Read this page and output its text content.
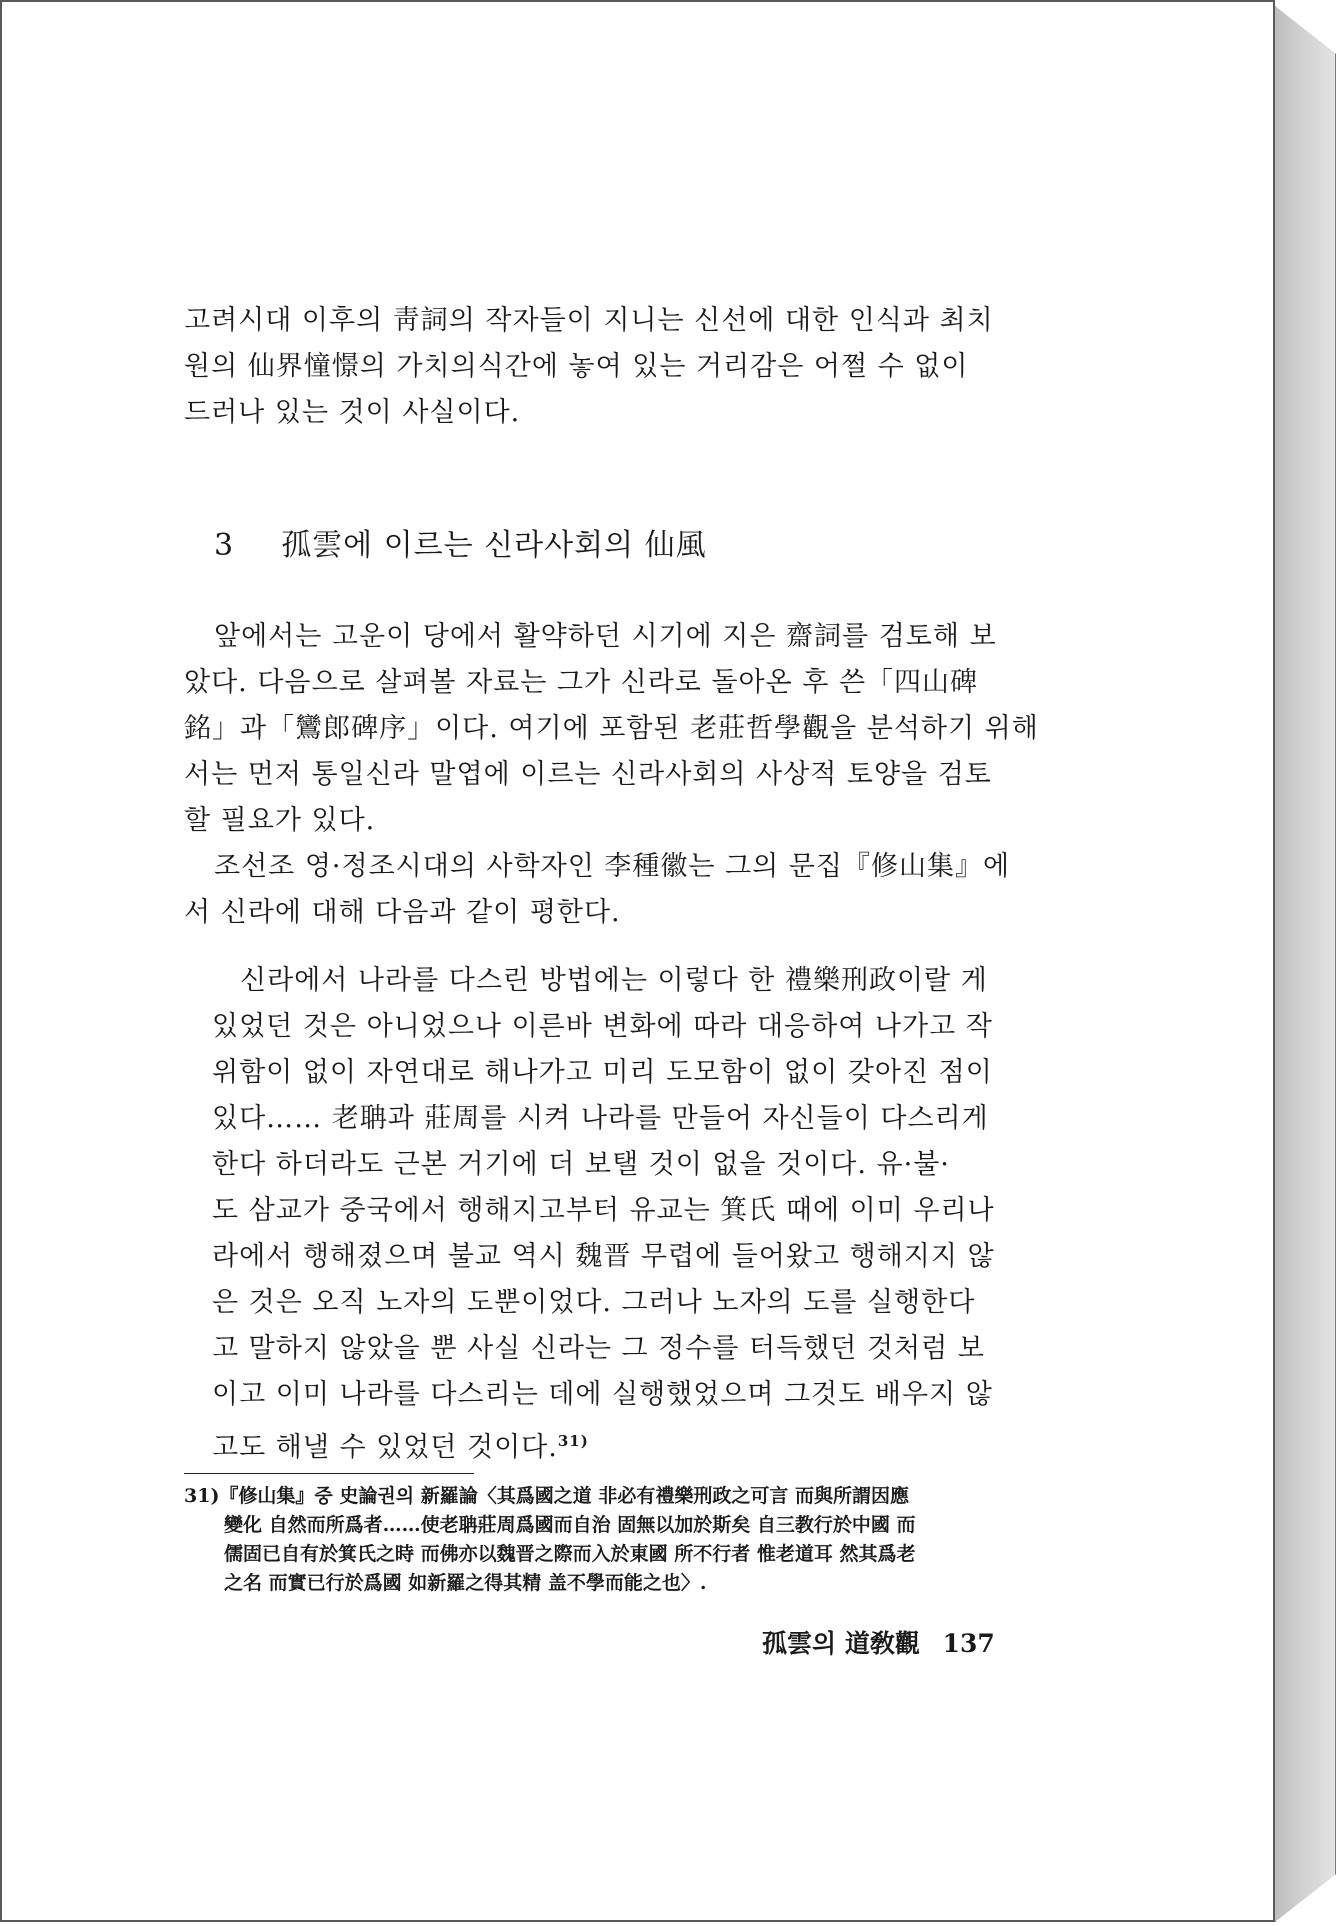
고려시대 이후의 靑詞의 작자들이 지니는 신선에 대한 인식과 최치
원의 仙界憧憬의 가치의식간에 놓여 있는 거리감은 어쩔 수 없이
드러나 있는 것이 사실이다.
3 孤雲에 이르는 신라사회의 仙風
앞에서는 고운이 당에서 활약하던 시기에 지은 齋詞를 검토해 보
았다. 다음으로 살펴볼 자료는 그가 신라로 돌아온 후 쓴「四山碑
銘」과「鸞郎碑序」이다. 여기에 포함된 老莊哲學觀을 분석하기 위해
서는 먼저 통일신라 말엽에 이르는 신라사회의 사상적 토양을 검토
할 필요가 있다.
조선조 영·정조시대의 사학자인 李種徽는 그의 문집『修山集』에
서 신라에 대해 다음과 같이 평한다.
신라에서 나라를 다스린 방법에는 이렇다 한 禮樂刑政이랄 게
있었던 것은 아니었으나 이른바 변화에 따라 대응하여 나가고 작
위함이 없이 자연대로 해나가고 미리 도모함이 없이 갖아진 점이
있다…… 老聃과 莊周를 시켜 나라를 만들어 자신들이 다스리게
한다 하더라도 근본 거기에 더 보탤 것이 없을 것이다. 유·불·
도 삼교가 중국에서 행해지고부터 유교는 箕氏 때에 이미 우리나
라에서 행해졌으며 불교 역시 魏晋 무렵에 들어왔고 행해지지 않
은 것은 오직 노자의 도뿐이었다. 그러나 노자의 도를 실행한다
고 말하지 않았을 뿐 사실 신라는 그 정수를 터득했던 것처럼 보
이고 이미 나라를 다스리는 데에 실행했었으며 그것도 배우지 않
고도 해낼 수 있었던 것이다.$^{31)}$
31)『修山集』중 史論권의 新羅論〈其爲國之道 非必有禮樂刑政之可言 而與所謂因應
變化 自然而所爲者……使老聃莊周爲國而自治 固無以加於斯矣 自三教行於中國 而
儒固已自有於箕氏之時 而佛亦以魏晋之際而入於東國 所不行者 惟老道耳 然其爲老
之名 而實已行於爲國 如新羅之得其精 盖不學而能之也〉.
孤雲의 道敎觀 137
